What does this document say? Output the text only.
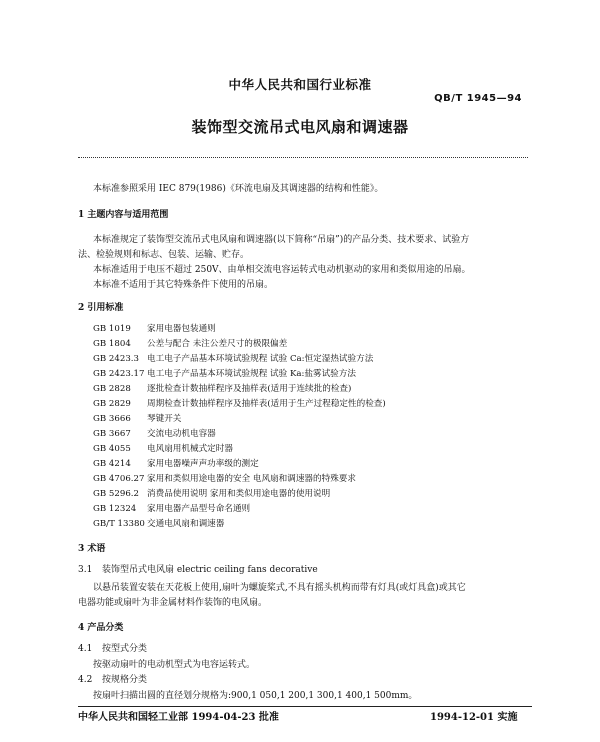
中华人民共和国行业标准
QB/T 1945—94
装饰型交流吊式电风扇和调速器
本标准参照采用 IEC 879(1986)《环流电扇及其调速器的结构和性能》。
1 主题内容与适用范围
本标准规定了装饰型交流吊式电风扇和调速器(以下简称“吊扇”)的产品分类、技术要求、试验方
法、检验规则和标志、包装、运输、贮存。
本标准适用于电压不超过 250V、由单相交流电容运转式电动机驱动的家用和类似用途的吊扇。
本标准不适用于其它特殊条件下使用的吊扇。
2 引用标准
GB 1019 家用电器包装通则
GB 1804 公差与配合 未注公差尺寸的极限偏差
GB 2423.3 电工电子产品基本环境试验规程 试验 Ca:恒定湿热试验方法
GB 2423.17 电工电子产品基本环境试验规程 试验 Ka:盐雾试验方法
GB 2828 逐批检查计数抽样程序及抽样表(适用于连续批的检查)
GB 2829 周期检查计数抽样程序及抽样表(适用于生产过程稳定性的检查)
GB 3666 琴键开关
GB 3667 交流电动机电容器
GB 4055 电风扇用机械式定时器
GB 4214 家用电器噪声声功率级的测定
GB 4706.27 家用和类似用途电器的安全 电风扇和调速器的特殊要求
GB 5296.2 消费品使用说明 家用和类似用途电器的使用说明
GB 12324 家用电器产品型号命名通则
GB/T 13380 交通电风扇和调速器
3 术语
3.1 装饰型吊式电风扇 electric ceiling fans decorative
以悬吊装置安装在天花板上使用,扇叶为螺旋桨式,不具有摇头机构而带有灯具(或灯具盒)或其它
电器功能或扇叶为非金属材料作装饰的电风扇。
4 产品分类
4.1 按型式分类
按驱动扇叶的电动机型式为电容运转式。
4.2 按规格分类
按扇叶扫描出圆的直径划分规格为:900,1 050,1 200,1 300,1 400,1 500mm。
中华人民共和国轻工业部 1994-04-23 批准	1994-12-01 实施
